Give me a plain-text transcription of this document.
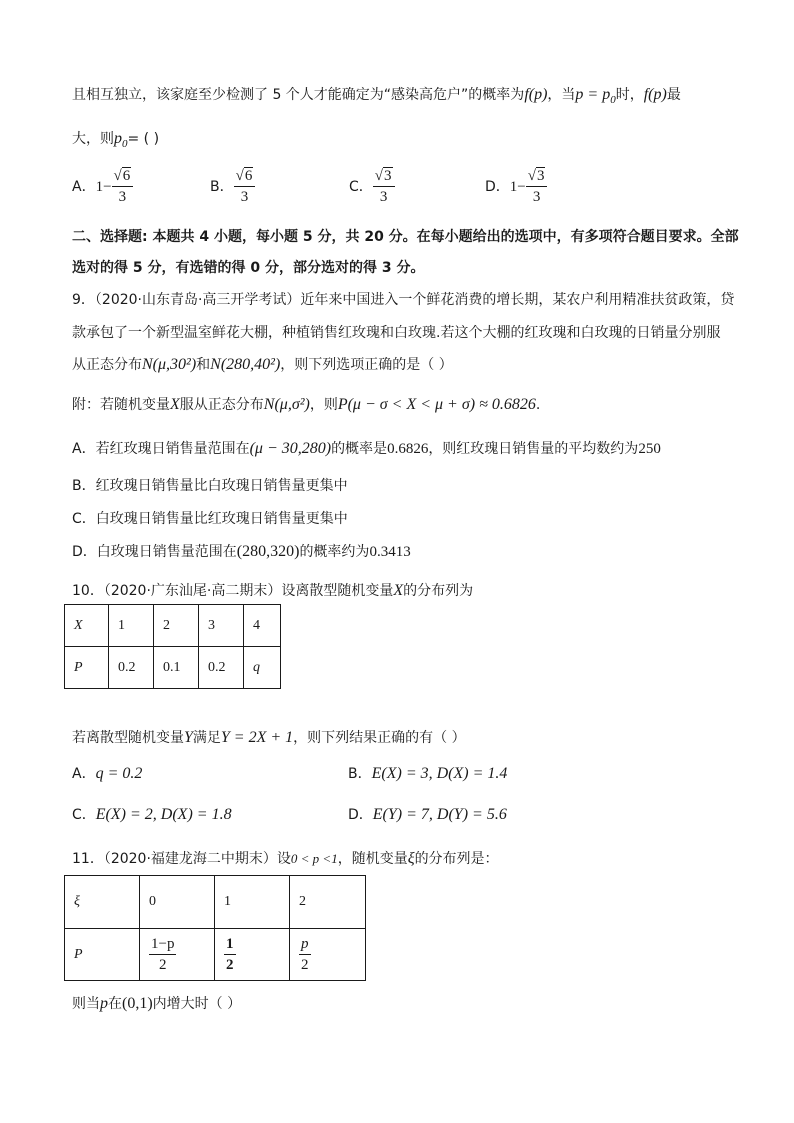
且相互独立，该家庭至少检测了 5 个人才能确定为“感染高危户”的概率为f(p)，当$p = p_0$时，f(p)最
大，则$p_0=$ ( )
A．$1- \frac{√6}{3}$	B． $\frac{√6}{3}$	C． $\frac{√3}{3}$	D．$1- \frac{√3}{3}$
二、选择题: 本题共 4 小题，每小题 5 分，共 20 分。在每小题给出的选项中，有多项符合题目要求。全部
选对的得 5 分，有选错的得 0 分，部分选对的得 3 分。
9．（2020·山东青岛·高三开学考试）近年来中国进入一个鲜花消费的增长期，某农户利用精准扶贫政策，贷
款承包了一个新型温室鲜花大棚，种植销售红玫瑰和白玫瑰.若这个大棚的红玫瑰和白玫瑰的日销量分别服
从正态分布N(μ,30²)和N(280,40²)，则下列选项正确的是（ ）
附：若随机变量X服从正态分布N(μ,σ²)，则P(μ − σ < X < μ + σ) ≈ 0.6826.
A．若红玫瑰日销售量范围在(μ − 30,280)的概率是0.6826，则红玫瑰日销售量的平均数约为250
B．红玫瑰日销售量比白玫瑰日销售量更集中
C．白玫瑰日销售量比红玫瑰日销售量更集中
D．白玫瑰日销售量范围在(280,320)的概率约为0.3413
10．（2020·广东汕尾·高二期末）设离散型随机变量X的分布列为
X	1	2	3	4
P	0.2	0.1	0.2	q
若离散型随机变量Y满足Y = 2X + 1，则下列结果正确的有（ ）
A．q = 0.2	B．E(X) = 3, D(X) = 1.4
C．E(X) = 2, D(X) = 1.8	D．E(Y) = 7, D(Y) = 5.6
11．（2020·福建龙海二中期末）设0 < p <1，随机变量ξ的分布列是：
ξ	0	1	2
P	$\frac{1-p}{2}$	$\frac{1}{2}$	$\frac{p}{2}$
则当p在(0,1)内增大时（ ）
